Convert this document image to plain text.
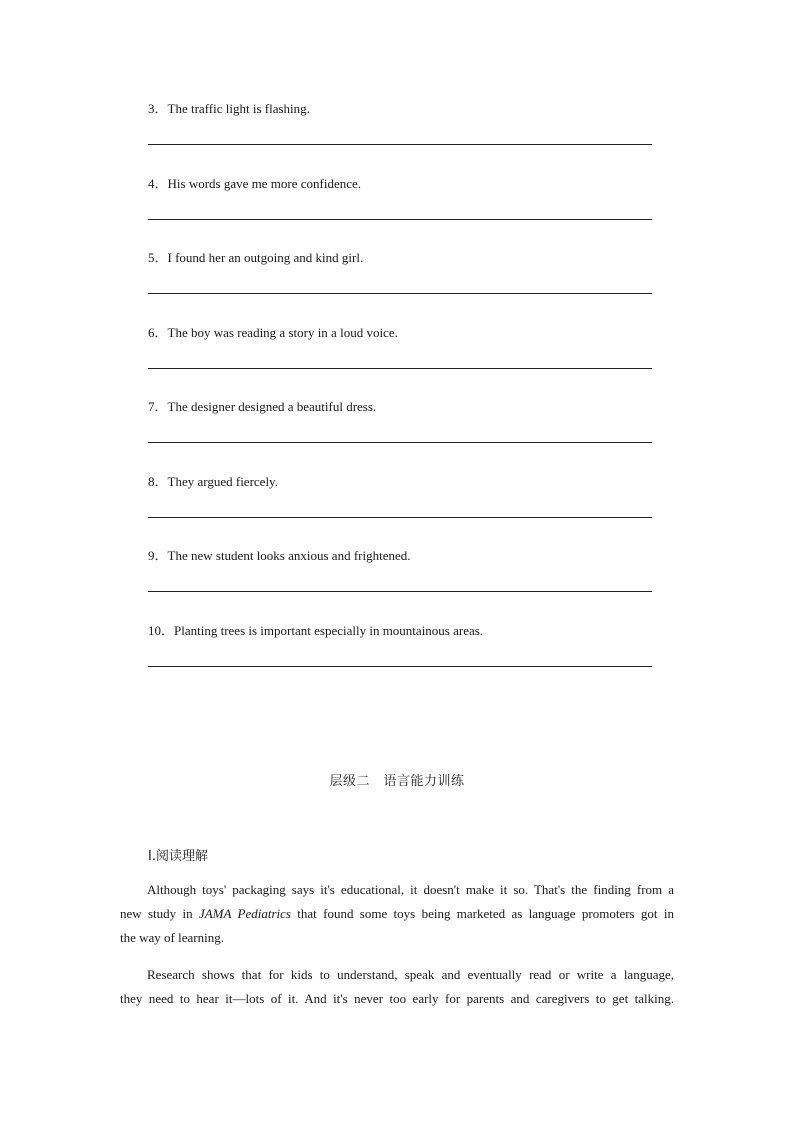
3．The traffic light is flashing.
4．His words gave me more confidence.
5．I found her an outgoing and kind girl.
6．The boy was reading a story in a loud voice.
7．The designer designed a beautiful dress.
8．They argued fiercely.
9．The new student looks anxious and frightened.
10．Planting trees is important especially in mountainous areas.
层级二　语言能力训练
Ⅰ.阅读理解
Although toys' packaging says it's educational, it doesn't make it so. That's the finding from a
new study in JAMA Pediatrics that found some toys being marketed as language promoters got in
the way of learning.
Research shows that for kids to understand, speak and eventually read or write a language,
they need to hear it—lots of it. And it's never too early for parents and caregivers to get talking.
